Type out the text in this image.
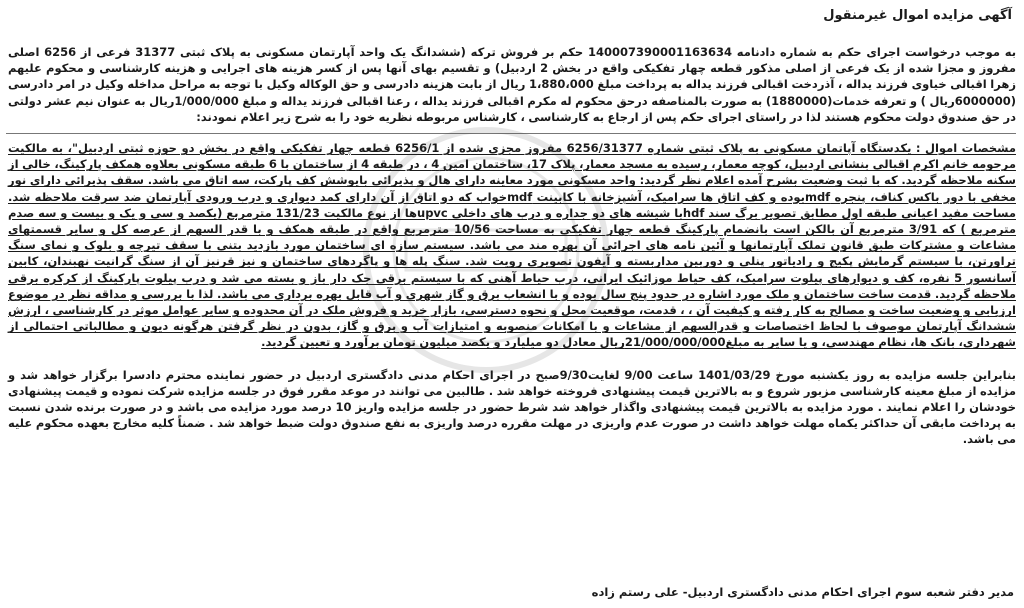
آگهی مزایده اموال غیرمنقول

به موجب درخواست اجرای حکم به شماره دادنامه 140007390001163634 حکم بر فروش ترکه (ششدانگ یک واحد آپارتمان مسکونی به پلاک ثبتی 31377 فرعی از 6256 اصلی مفروز و مجزا شده از یک فرعی از اصلی مذکور قطعه چهار تفکیکی واقع در بخش 2 اردبیل) و تقسیم بهای آنها پس از کسر هزینه های اجرایی و هزینه کارشناسی و محکوم علیهم زهرا اقبالی خیاوی فرزند یداله ، آذردخت اقبالی فرزند یداله به پرداخت مبلغ 1،880،000 ریال از بابت هزینه دادرسی و حق الوکاله وکیل با توجه به مراحل مداخله وکیل در امر دادرسی (6000000ریال ) و تعرفه خدمات(1880000) به صورت بالمناصفه درحق محکوم له مکرم اقبالی فرزند یداله ، رعنا اقبالی فرزند یداله و مبلغ 1/000/000ریال به عنوان نیم عشر دولتی در حق صندوق دولت محکوم هستند لذا در راستای اجرای حکم پس از ارجاع به کارشناسی ، کارشناس مربوطه نظریه خود را به شرح زیر اعلام نمودند:

مشخصات اموال : یکدستگاه آپاتمان مسکونی به پلاک ثبتی شماره 6256/31377 مفروز مجزی شده از 6256/1 قطعه چهار تفکیکی واقع در بخش دو حوزه ثبتی اردبیل"، به مالکیت مرحومه خانم اکرم اقبالی بنشانی اردبیل، کوچه معمار، رسیده به مسجد معمار، پلاک 17، ساختمان امین 4 ، در طبقه 4 از ساختمان با 6 طبقه مسکونی بعلاوه همکف پارکینگ، خالی از سکنه ملاحظه گردید. که با ثبت وضعیت بشرح آمده اعلام نظر گردید: واحد مسکونی مورد معاینه دارای هال و پذیرائی بایوشش کف پارکت، سه اتاق می باشد. سقف پذیرائی دارای نور مخفی با دور باکس کناف، پنجره mdfبوده و کف اتاق ها سرامیک، آشپزخانه با کابینت mdfخواب که دو اتاق از آن دارای کمد دیواری و درب ورودی آپارتمان ضد سرقت ملاحظه شد. مساحت مفید اعیانی طبقه اول مطابق تصویر برگ سند hdfبا شیشه های دو جداره و درب های داخلی upvcها از نوع مالکیت 131/23 مترمربع (یکصد و سی و یک و بیست و سه صدم مترمربع ) که 3/91 مترمربع آن بالکن است بانضمام پارکینگ قطعه چهار تفکیکی به مساحت 10/56 مترمربع واقع در طبقه همکف و با قدر السهم از عرصه کل و سایر قسمتهای مشاعات و مشترکات طبق قانون تملک آپارتمانها و آئین نامه های اجرائی آن بهره مند می باشد. سیستم سازه ای ساختمان مورد بازدید بتنی با سقف تیرچه و بلوک و نمای سنگ تراورتن، با سیستم گرمایش پکیج و رادیاتور پنلی و دوربین مداربسته و آیفون تصویری رویت شد. سنگ پله ها و پاگردهای ساختمان و نیز قرنیز آن از سنگ گرانیت نهبندان، کابین آسانسور 5 نفره، کف و دیوارهای پیلوت سرامیک، کف حیاط موزائیک ایرانی، درب حیاط آهنی که با سیستم برقی جک دار باز و بسته می شد و درب پیلوت پارکینگ از کرکره برقی ملاحظه گردید. قدمت ساخت ساختمان و ملک مورد اشاره در حدود پنج سال بوده و با انشعاب برق و گاز شهری و آب قابل بهره برداری می باشد. لذا با بررسی و مداقه نظر در موضوع ارزیابی و وضعیت ساخت و مصالح به کار رفته و کیفیت آن ، ، قدمت، موقعیت محل و نحوه دسترسی، بازار خرید و فروش ملک در آن محدوده و سایر عوامل موثر در کارشناسی ، ارزش ششدانگ آپارتمان موصوف با لحاظ اختصاصات و قدرالسهم از مشاعات و با امکانات منصوبه و امتیازات آب و برق و گاز، بدون در نظر گرفتن هرگونه دیون و مطالباتی احتمالی از شهرداری، بانک ها، نظام مهندسی، و یا سایر به مبلغ21/000/000/000ریال معادل دو میلیارد و یکصد میلیون تومان برآورد و تعیین گردید.

بنابراین جلسه مزایده به روز یکشنبه مورخ 1401/03/29 ساعت 9/00 لغایت9/30صبح در اجرای احکام مدنی دادگستری اردبیل در حضور نماینده محترم دادسرا برگزار خواهد شد و مزایده از مبلغ معینه کارشناسی مزبور شروع و به بالاترین قیمت پیشنهادی فروخته خواهد شد . طالبین می توانند در موعد مقرر فوق در جلسه مزایده شرکت نموده و قیمت پیشنهادی خودشان را اعلام نمایند . مورد مزایده به بالاترین قیمت پیشنهادی واگذار خواهد شد شرط حضور در جلسه مزایده واریز 10 درصد مورد مزایده می باشد و در صورت برنده شدن نسبت به پرداخت مابقی آن حداکثر یکماه مهلت خواهد داشت در صورت عدم واریزی در مهلت مقرره درصد واریزی به نفع صندوق دولت ضبط خواهد شد . ضمناً کلیه مخارج بعهده محکوم علیه می باشد.

مدیر دفتر شعبه سوم اجرای احکام مدنی دادگستری اردبیل- علی رستم زاده
